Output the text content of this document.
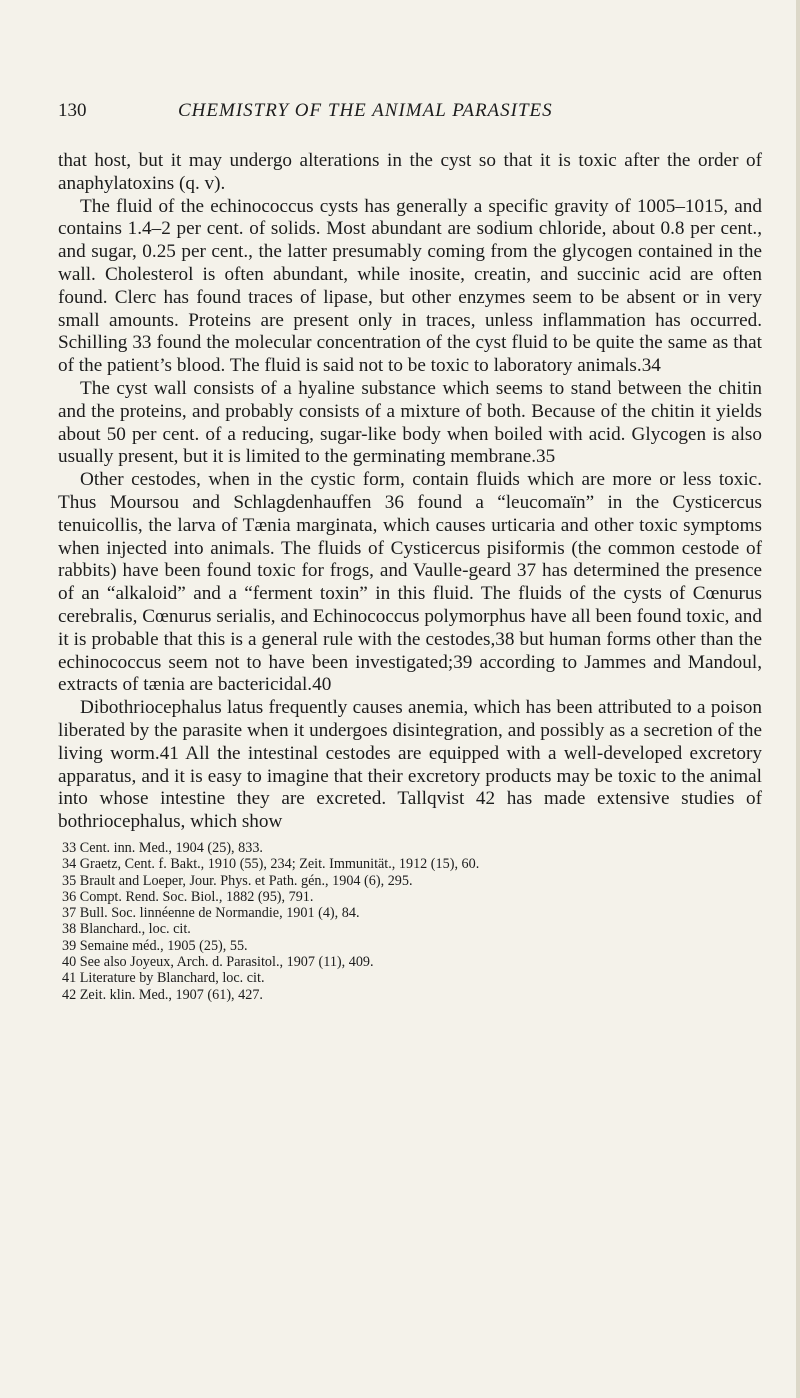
130	CHEMISTRY OF THE ANIMAL PARASITES

that host, but it may undergo alterations in the cyst so that it is toxic after the order of anaphylatoxins (q. v).

The fluid of the echinococcus cysts has generally a specific gravity of 1005–1015, and contains 1.4–2 per cent. of solids. Most abundant are sodium chloride, about 0.8 per cent., and sugar, 0.25 per cent., the latter presumably coming from the glycogen contained in the wall. Cholesterol is often abundant, while inosite, creatin, and succinic acid are often found. Clerc has found traces of lipase, but other enzymes seem to be absent or in very small amounts. Proteins are present only in traces, unless inflammation has occurred. Schilling 33 found the molecular concentration of the cyst fluid to be quite the same as that of the patient’s blood. The fluid is said not to be toxic to laboratory animals.34

The cyst wall consists of a hyaline substance which seems to stand between the chitin and the proteins, and probably consists of a mixture of both. Because of the chitin it yields about 50 per cent. of a reducing, sugar-like body when boiled with acid. Glycogen is also usually present, but it is limited to the germinating membrane.35

Other cestodes, when in the cystic form, contain fluids which are more or less toxic. Thus Moursou and Schlagdenhauffen 36 found a “leucomaïn” in the Cysticercus tenuicollis, the larva of Tænia marginata, which causes urticaria and other toxic symptoms when injected into animals. The fluids of Cysticercus pisiformis (the common cestode of rabbits) have been found toxic for frogs, and Vaulle-geard 37 has determined the presence of an “alkaloid” and a “ferment toxin” in this fluid. The fluids of the cysts of Cœnurus cerebralis, Cœnurus serialis, and Echinococcus polymorphus have all been found toxic, and it is probable that this is a general rule with the cestodes,38 but human forms other than the echinococcus seem not to have been investigated;39 according to Jammes and Mandoul, extracts of tænia are bactericidal.40

Dibothriocephalus latus frequently causes anemia, which has been attributed to a poison liberated by the parasite when it undergoes disintegration, and possibly as a secretion of the living worm.41 All the intestinal cestodes are equipped with a well-developed excretory apparatus, and it is easy to imagine that their excretory products may be toxic to the animal into whose intestine they are excreted. Tallqvist 42 has made extensive studies of bothriocephalus, which show

33 Cent. inn. Med., 1904 (25), 833.
34 Graetz, Cent. f. Bakt., 1910 (55), 234; Zeit. Immunität., 1912 (15), 60.
35 Brault and Loeper, Jour. Phys. et Path. gén., 1904 (6), 295.
36 Compt. Rend. Soc. Biol., 1882 (95), 791.
37 Bull. Soc. linnéenne de Normandie, 1901 (4), 84.
38 Blanchard., loc. cit.
39 Semaine méd., 1905 (25), 55.
40 See also Joyeux, Arch. d. Parasitol., 1907 (11), 409.
41 Literature by Blanchard, loc. cit.
42 Zeit. klin. Med., 1907 (61), 427.
